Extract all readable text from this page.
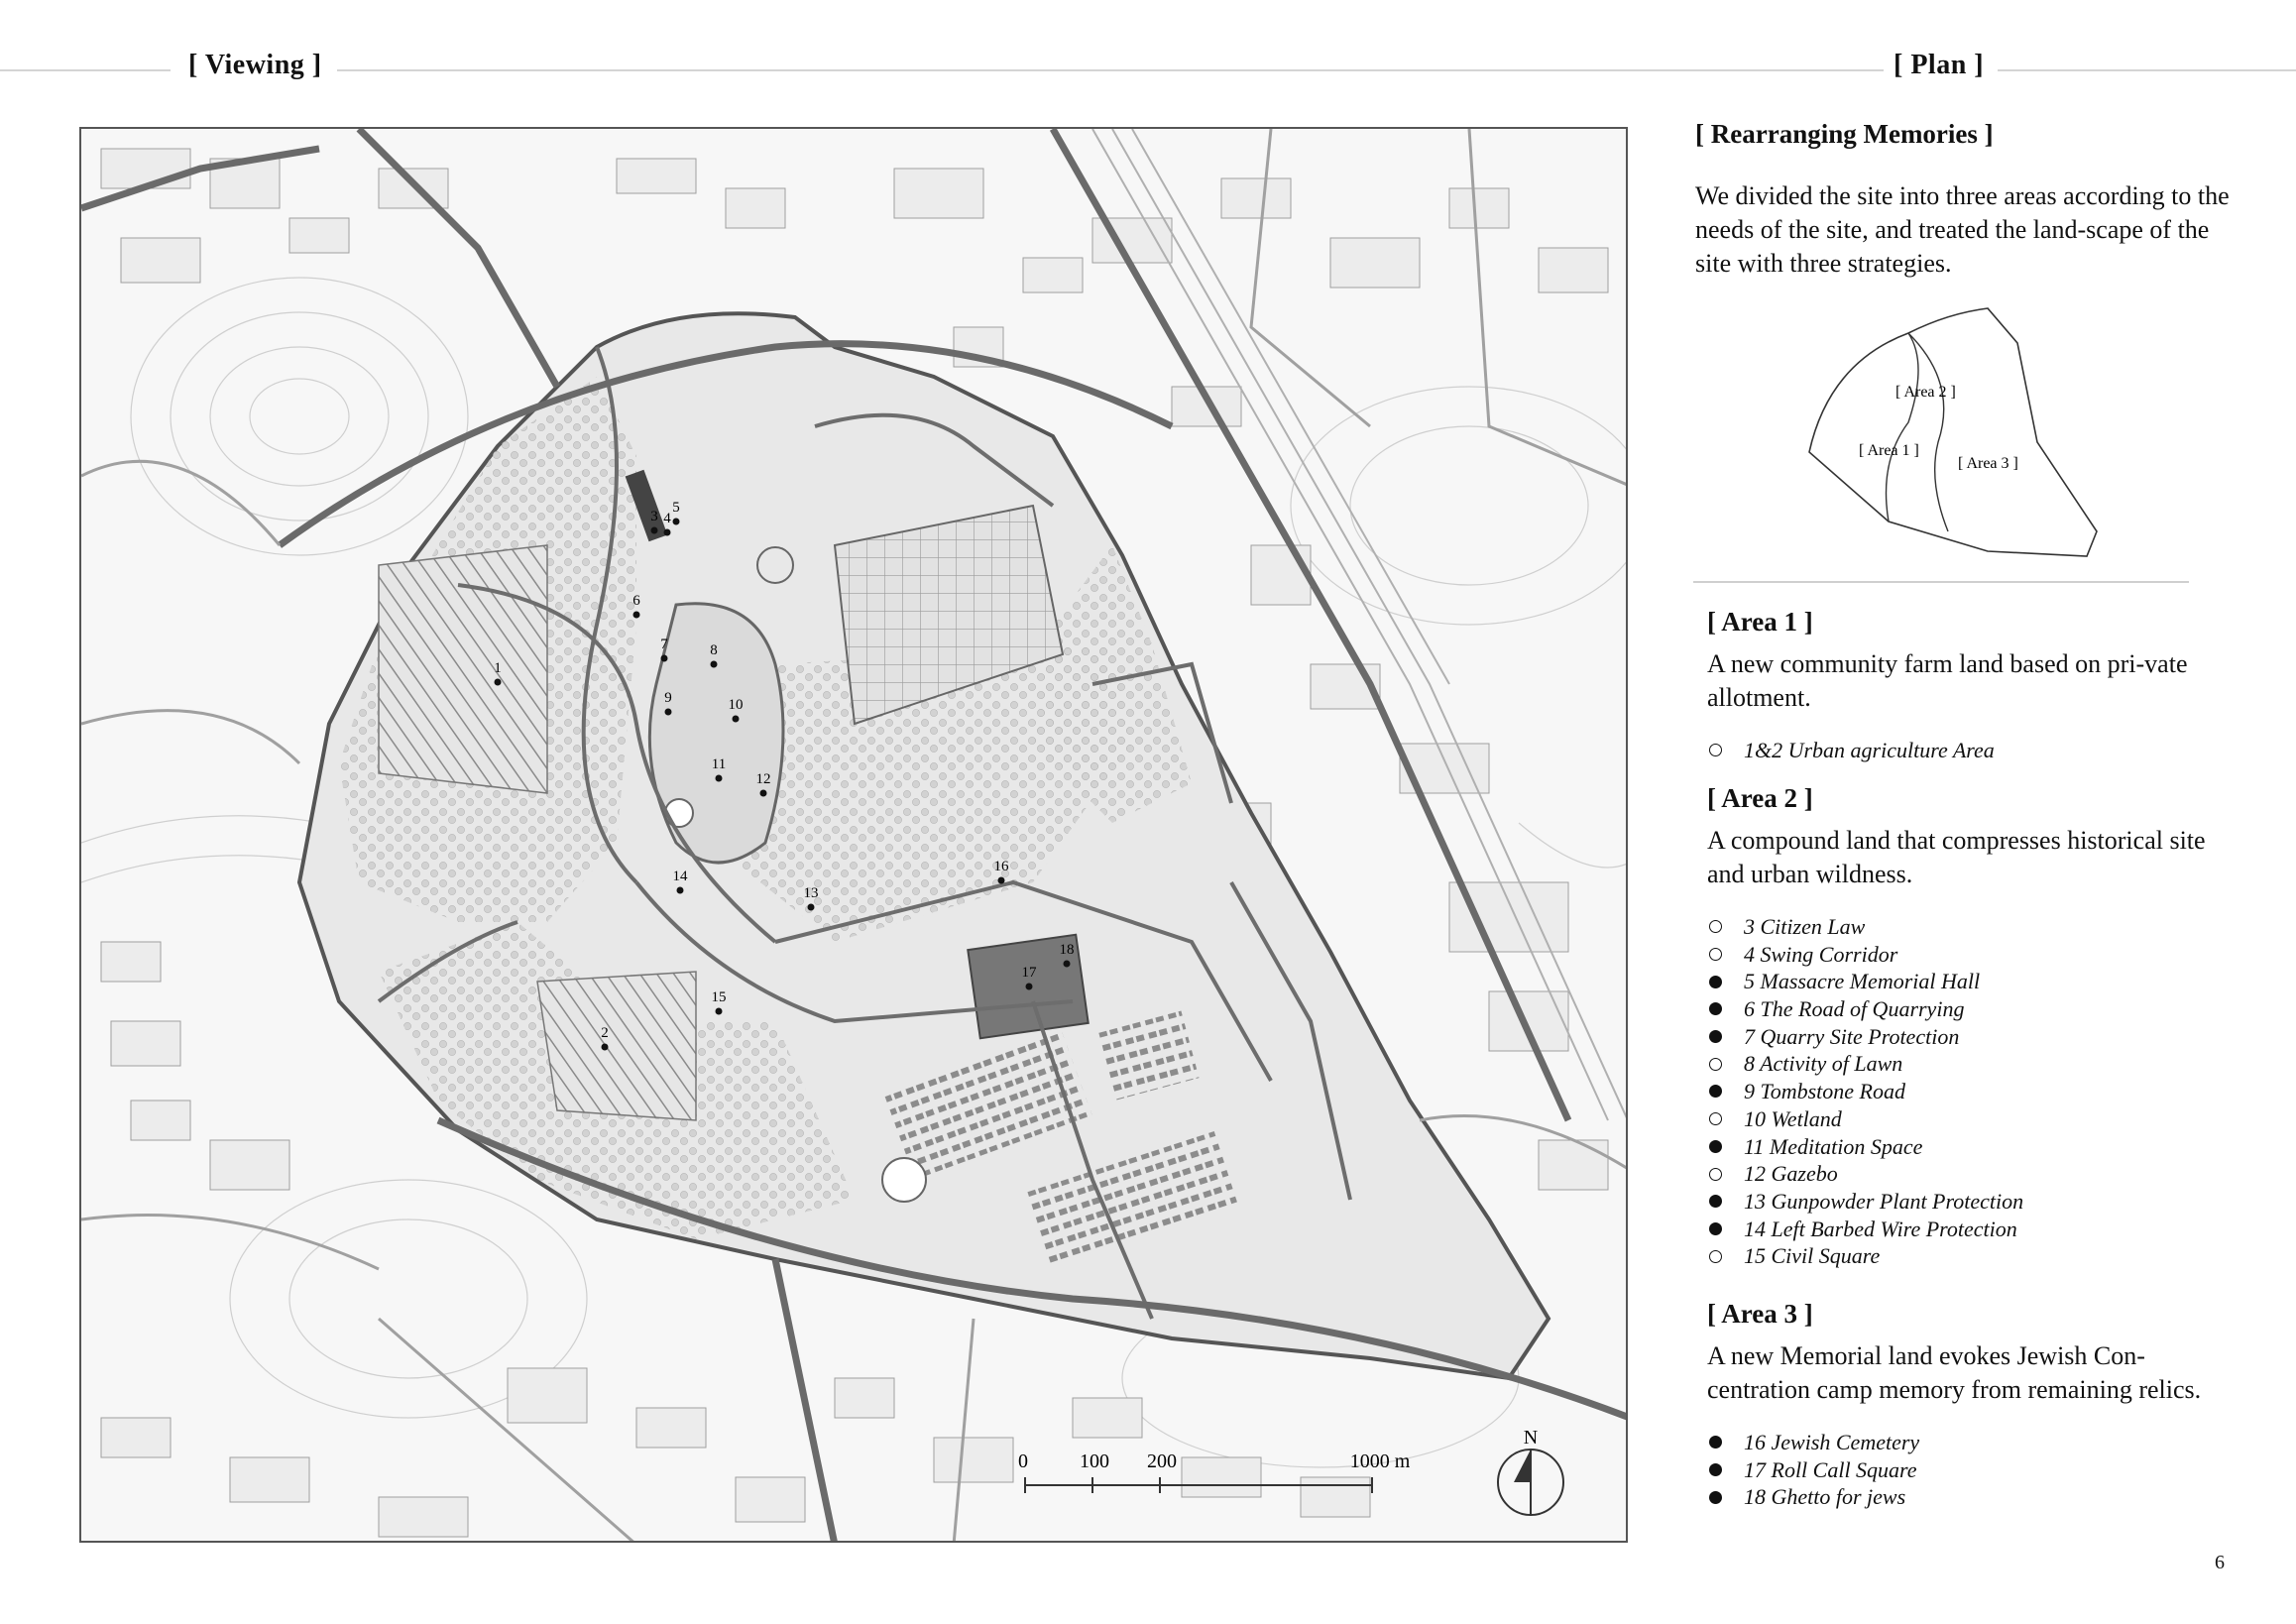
[ Viewing ]	[ Plan ]
1
2
3 4
5
6
7	8
9	10
11
12
13
14
15
16
17
18
N
0	100 200	1000 m
[ Rearranging Memories ]
We divided the site into three areas according to the needs of the site, and treated the land-scape of the site with three strategies.
[ Area 1 ]
[ Area 2 ]
[ Area 3 ]
[ Area 1 ]
A new community farm land based on pri-vate allotment.
1&2 Urban agriculture Area
[ Area 2 ]
A compound land that compresses historical site and urban wildness.
3 Citizen Law
4 Swing Corridor
5 Massacre Memorial Hall
6 The Road of Quarrying
7 Quarry Site Protection
8 Activity of Lawn
9 Tombstone Road
10 Wetland
11 Meditation Space
12 Gazebo
13 Gunpowder Plant Protection
14 Left Barbed Wire Protection
15 Civil Square
[ Area 3 ]
A new Memorial land evokes Jewish Con-centration camp memory from remaining relics.
16 Jewish Cemetery
17 Roll Call Square
18 Ghetto for jews
6
